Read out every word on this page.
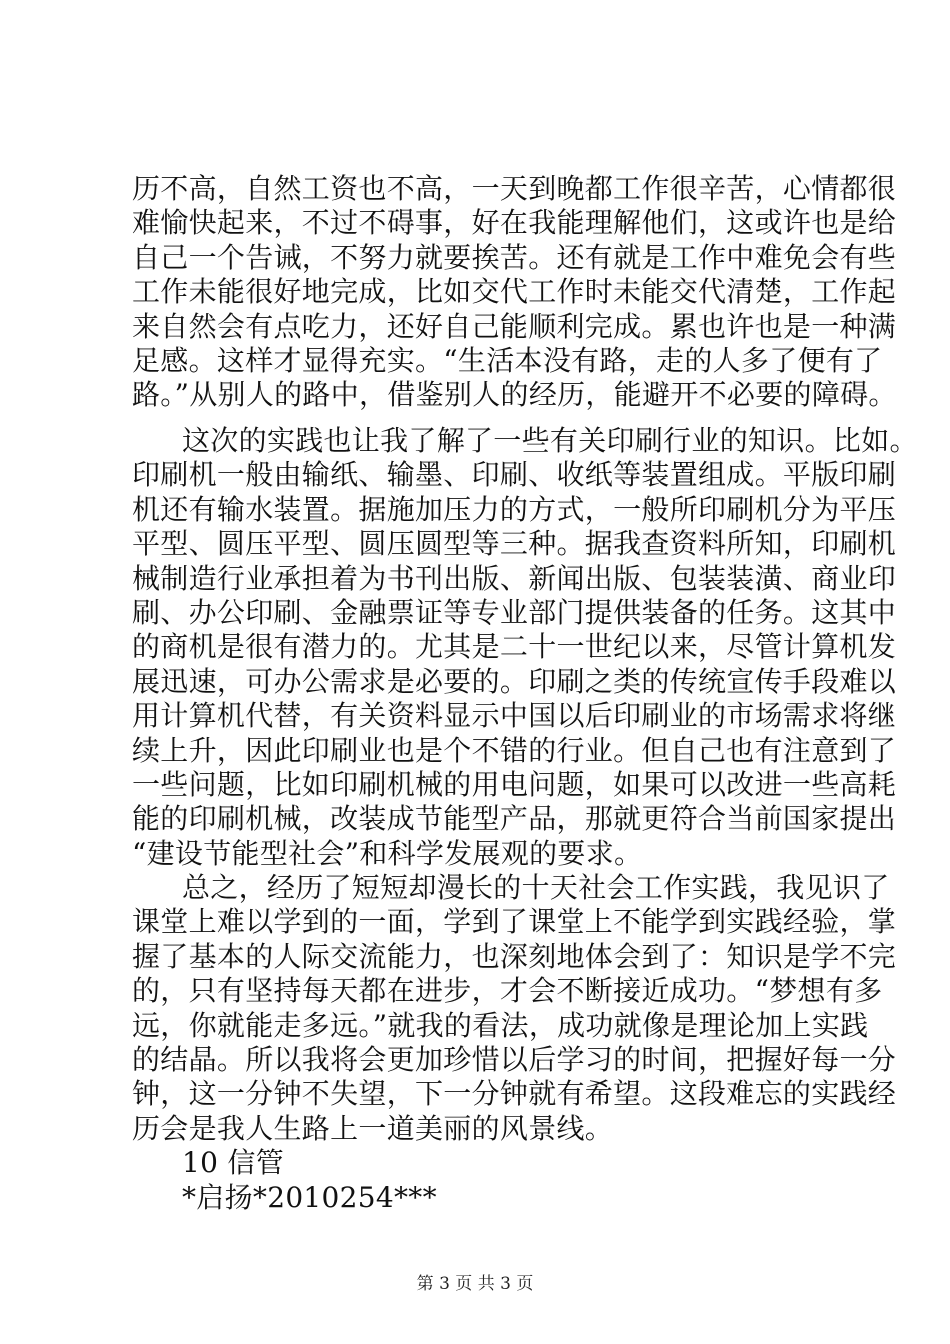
历不高，自然工资也不高，一天到晚都工作很辛苦，心情都很
难愉快起来，不过不碍事，好在我能理解他们，这或许也是给
自己一个告诫，不努力就要挨苦。还有就是工作中难免会有些
工作未能很好地完成，比如交代工作时未能交代清楚，工作起
来自然会有点吃力，还好自己能顺利完成。累也许也是一种满
足感。这样才显得充实。“生活本没有路，走的人多了便有了
路。”从别人的路中，借鉴别人的经历，能避开不必要的障碍。
这次的实践也让我了解了一些有关印刷行业的知识。比如。
印刷机一般由输纸、输墨、印刷、收纸等装置组成。平版印刷
机还有输水装置。据施加压力的方式，一般所印刷机分为平压
平型、圆压平型、圆压圆型等三种。据我查资料所知，印刷机
械制造行业承担着为书刊出版、新闻出版、包装装潢、商业印
刷、办公印刷、金融票证等专业部门提供装备的任务。这其中
的商机是很有潜力的。尤其是二十一世纪以来，尽管计算机发
展迅速，可办公需求是必要的。印刷之类的传统宣传手段难以
用计算机代替，有关资料显示中国以后印刷业的市场需求将继
续上升，因此印刷业也是个不错的行业。但自己也有注意到了
一些问题，比如印刷机械的用电问题，如果可以改进一些高耗
能的印刷机械，改装成节能型产品，那就更符合当前国家提出
“建设节能型社会”和科学发展观的要求。
总之，经历了短短却漫长的十天社会工作实践，我见识了
课堂上难以学到的一面，学到了课堂上不能学到实践经验，掌
握了基本的人际交流能力，也深刻地体会到了：知识是学不完
的，只有坚持每天都在进步，才会不断接近成功。“梦想有多
远，你就能走多远。”就我的看法，成功就像是理论加上实践
的结晶。所以我将会更加珍惜以后学习的时间，把握好每一分
钟，这一分钟不失望，下一分钟就有希望。这段难忘的实践经
历会是我人生路上一道美丽的风景线。
10 信管
*启扬*2010254***
第 3 页 共 3 页
